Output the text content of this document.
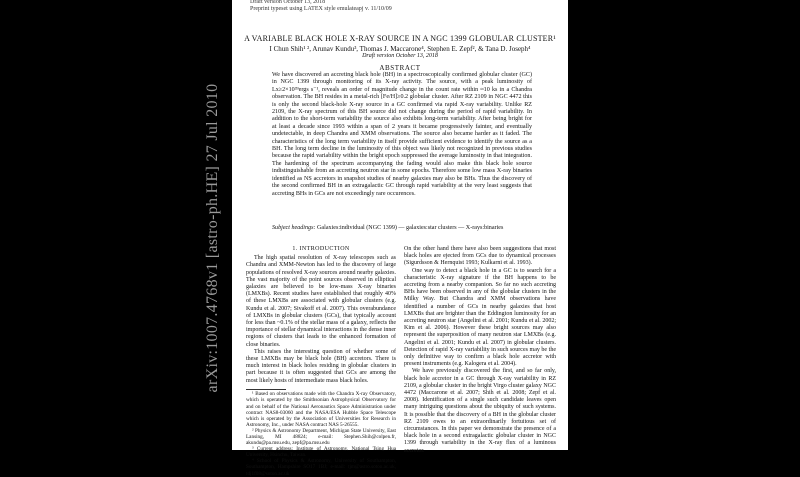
arXiv:1007.4768v1 [astro-ph.HE] 27 Jul 2010
Draft version October 13, 2018
Preprint typeset using LATEX style emulateapj v. 11/10/09
A VARIABLE BLACK HOLE X-RAY SOURCE IN A NGC 1399 GLOBULAR CLUSTER¹
I Chun Shih¹ ², Arunav Kundu³, Thomas J. Maccarone⁴, Stephen E. Zepf², & Tana D. Joseph⁴
Draft version October 13, 2018
ABSTRACT
We have discovered an accreting black hole (BH) in a spectroscopically confirmed globular cluster (GC) in NGC 1399 through monitoring of its X-ray activity. The source, with a peak luminosity of Lx≥2×10³⁹ergs s⁻¹, reveals an order of magnitude change in the count rate within ≈10 ks in a Chandra observation. The BH resides in a metal-rich [Fe/H]≥0.2 globular cluster. After RZ 2109 in NGC 4472 this is only the second black-hole X-ray source in a GC confirmed via rapid X-ray variability. Unlike RZ 2109, the X-ray spectrum of this BH source did not change during the period of rapid variability. In addition to the short-term variability the source also exhibits long-term variability. After being bright for at least a decade since 1993 within a span of 2 years it became progressively fainter, and eventually undetectable, in deep Chandra and XMM observations. The source also became harder as it faded. The characteristics of the long term variability in itself provide sufficient evidence to identify the source as a BH. The long term decline in the luminosity of this object was likely not recognized in previous studies because the rapid variability within the bright epoch suppressed the average luminosity in that integration. The hardening of the spectrum accompanying the fading would also make this black hole source indistinguishable from an accreting neutron star in some epochs. Therefore some low mass X-ray binaries identified as NS accretors in snapshot studies of nearby galaxies may also be BHs. Thus the discovery of the second confirmed BH in an extragalactic GC through rapid variability at the very least suggests that accreting BHs in GCs are not exceedingly rare occurences.
Subject headings: Galaxies:individual (NGC 1399) — galaxies:star clusters — X-rays:binaries
1. INTRODUCTION

The high spatial resolution of X-ray telescopes such as Chandra and XMM-Newton has led to the discovery of large populations of resolved X-ray sources around nearby galaxies. The vast majority of the point sources observed in elliptical galaxies are believed to be low-mass X-ray binaries (LMXBs). Recent studies have established that roughly 40% of these LMXBs are associated with globular clusters (e.g. Kundu et al. 2007; Sivakoff et al. 2007). This overabundance of LMXBs in globular clusters (GCs), that typically account for less than ~0.1% of the stellar mass of a galaxy, reflects the importance of stellar dynamical interactions in the dense inner regions of clusters that leads to the enhanced formation of close binaries.

This raises the interesting question of whether some of these LMXBs may be black hole (BH) accretors. There is much interest in black holes residing in globular clusters in part because it is often suggested that GCs are among the most likely hosts of intermediate mass black holes.

¹ Based on observations made with the Chandra X-ray Observatory, which is operated by the Smithsonian Astrophysical Observatory for and on behalf of the National Aeronautics Space Administration under contract NAS8-03060 and the NASA/ESA Hubble Space Telescope which is operated by the Association of Universities for Research in Astronomy, Inc., under NASA contract NAS 5-26555.

² Physics & Astronomy Department, Michigan State University, East Lansing, MI 48824; e-mail: Stephen.Shih@colpen.fr, akundu@pa.msu.edu, zepf@pa.msu.edu

³ Current address: Institute of Astronomy, National Tsing Hua University, Hsinchu, Taiwan.

⁴ School of Physics & Astronomy, University of Southampton, Southampton, Hampshire SO17 1BJ; e-mail: tjm@astro.soton.ac.uk, tdj1f08@soton.ac.uk

On the other hand there have also been suggestions that most black holes are ejected from GCs due to dynamical processes (Sigurdsson & Hernquist 1993; Kulkarni et al. 1993).

One way to detect a black hole in a GC is to search for a characteristic X-ray signature if the BH happens to be accreting from a nearby companion. So far no such accreting BHs have been observed in any of the globular clusters in the Milky Way. But Chandra and XMM observations have identified a number of GCs in nearby galaxies that host LMXBs that are brighter than the Eddington luminosity for an accreting neutron star (Angelini et al. 2001; Kundu et al. 2002; Kim et al. 2006). However these bright sources may also represent the superposition of many neutron star LMXBs (e.g. Angelini et al. 2001; Kundu et al. 2007) in globular clusters. Detection of rapid X-ray variability in such sources may be the only definitive way to confirm a black hole accretor with present instruments (e.g. Kalogera et al. 2004).

We have previously discovered the first, and so far only, black hole accretor in a GC through X-ray variability in RZ 2109, a globular cluster in the bright Virgo cluster galaxy NGC 4472 (Maccarone et al. 2007; Shih et al. 2008; Zepf et al. 2008). Identification of a single such candidate leaves open many intriguing questions about the ubiquity of such systems. It is possible that the discovery of a BH in the globular cluster RZ 2109 owes to an extraordinarily fortuitous set of circumstances. In this paper we demonstrate the presence of a black hole in a second extragalactic globular cluster in NGC 1399 through variability in the X-ray flux of a luminous accretor.
